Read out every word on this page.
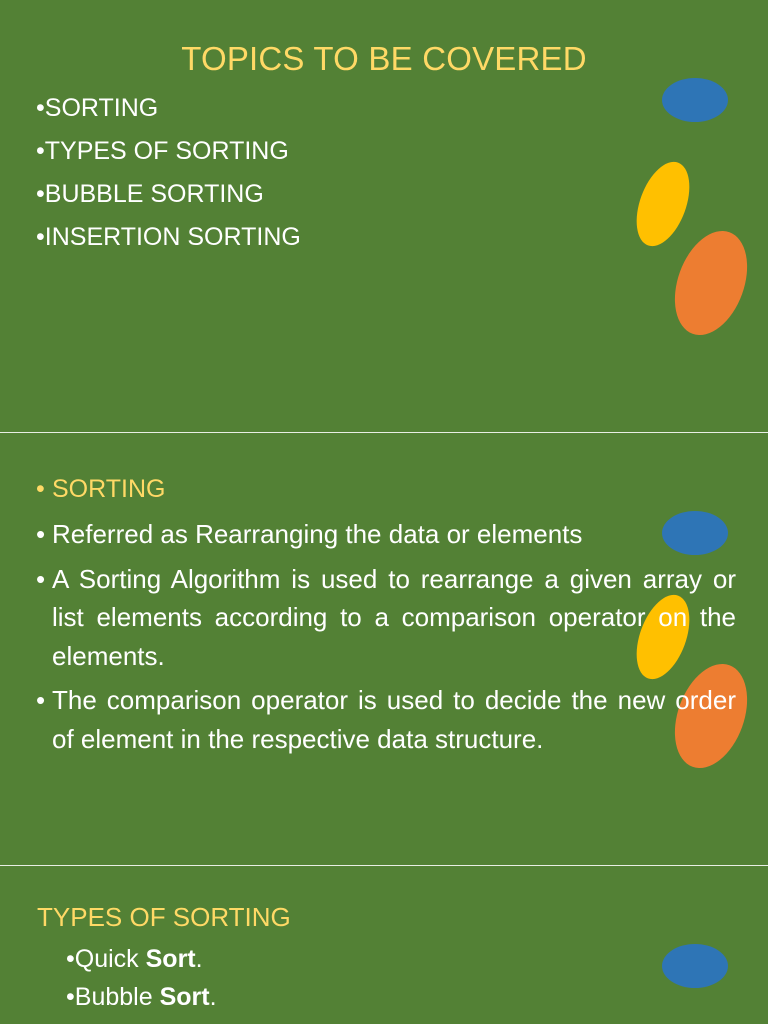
TOPICS TO BE COVERED
•SORTING
•TYPES OF SORTING
•BUBBLE SORTING
•INSERTION SORTING
• SORTING
• Referred as Rearranging the data or elements
• A Sorting Algorithm is used to rearrange a given array or list elements according to a comparison operator on the elements.
• The comparison operator is used to decide the new order of element in the respective data structure.
TYPES OF SORTING
•Quick Sort.
•Bubble Sort.
